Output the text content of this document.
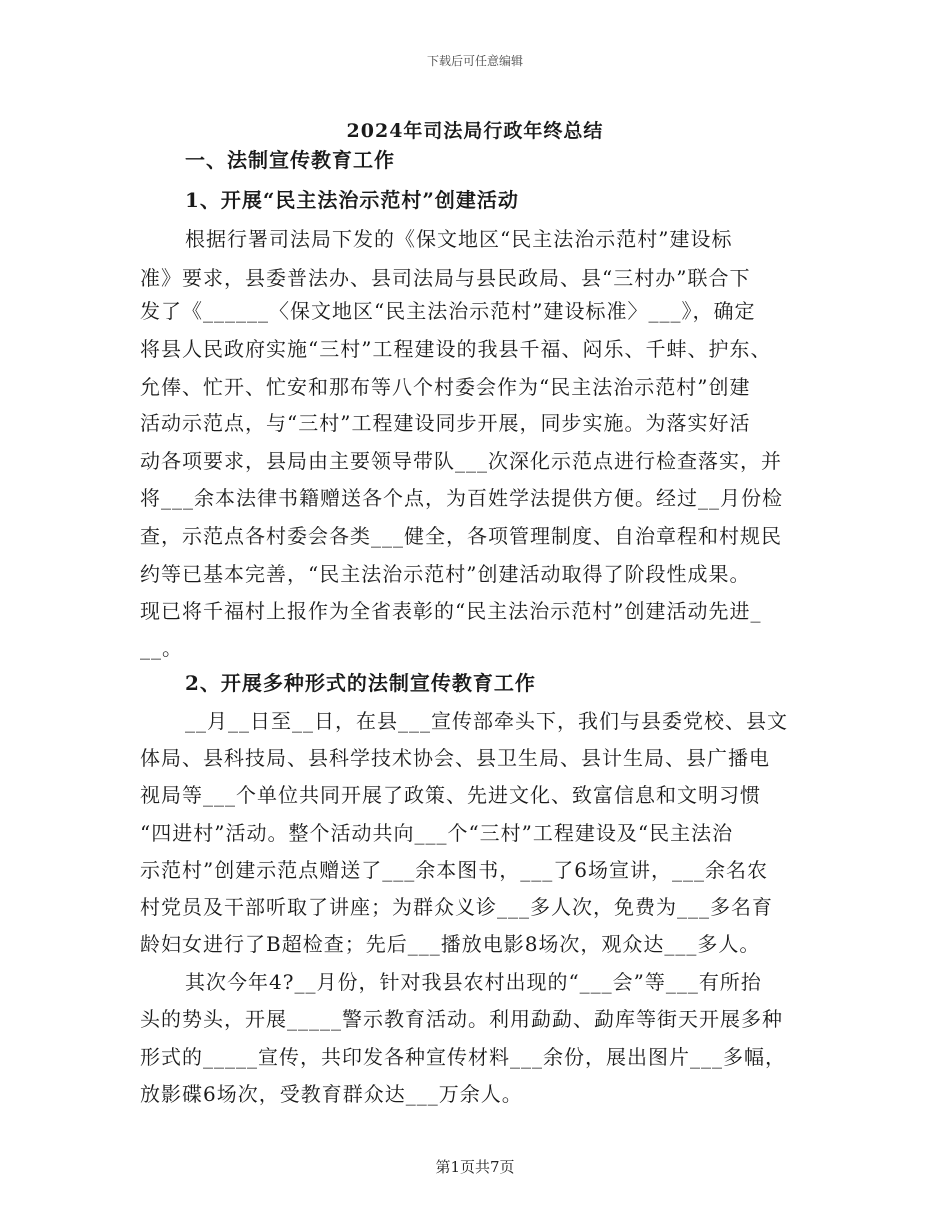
下载后可任意编辑
2024年司法局行政年终总结
一、法制宣传教育工作
1、开展“民主法治示范村”创建活动
根据行署司法局下发的《保文地区“民主法治示范村”建设标
准》要求，县委普法办、县司法局与县民政局、县“三村办”联合下
发了《______〈保文地区“民主法治示范村”建设标准〉___》，确定
将县人民政府实施“三村”工程建设的我县千福、闷乐、千蚌、护东、
允俸、忙开、忙安和那布等八个村委会作为“民主法治示范村”创建
活动示范点，与“三村”工程建设同步开展，同步实施。为落实好活
动各项要求，县局由主要领导带队___次深化示范点进行检查落实，并
将___余本法律书籍赠送各个点，为百姓学法提供方便。经过__月份检
查，示范点各村委会各类___健全，各项管理制度、自治章程和村规民
约等已基本完善，“民主法治示范村”创建活动取得了阶段性成果。
现已将千福村上报作为全省表彰的“民主法治示范村”创建活动先进_
__。
2、开展多种形式的法制宣传教育工作
__月__日至__日，在县___宣传部牵头下，我们与县委党校、县文
体局、县科技局、县科学技术协会、县卫生局、县计生局、县广播电
视局等___个单位共同开展了政策、先进文化、致富信息和文明习惯
“四进村”活动。整个活动共向___个“三村”工程建设及“民主法治
示范村”创建示范点赠送了___余本图书，___了6场宣讲，___余名农
村党员及干部听取了讲座；为群众义诊___多人次，免费为___多名育
龄妇女进行了B超检查；先后___播放电影8场次，观众达___多人。
其次今年4?__月份，针对我县农村出现的“___会”等___有所抬
头的势头，开展_____警示教育活动。利用勐勐、勐库等街天开展多种
形式的_____宣传，共印发各种宣传材料___余份，展出图片___多幅，
放影碟6场次，受教育群众达___万余人。
第1页共7页
